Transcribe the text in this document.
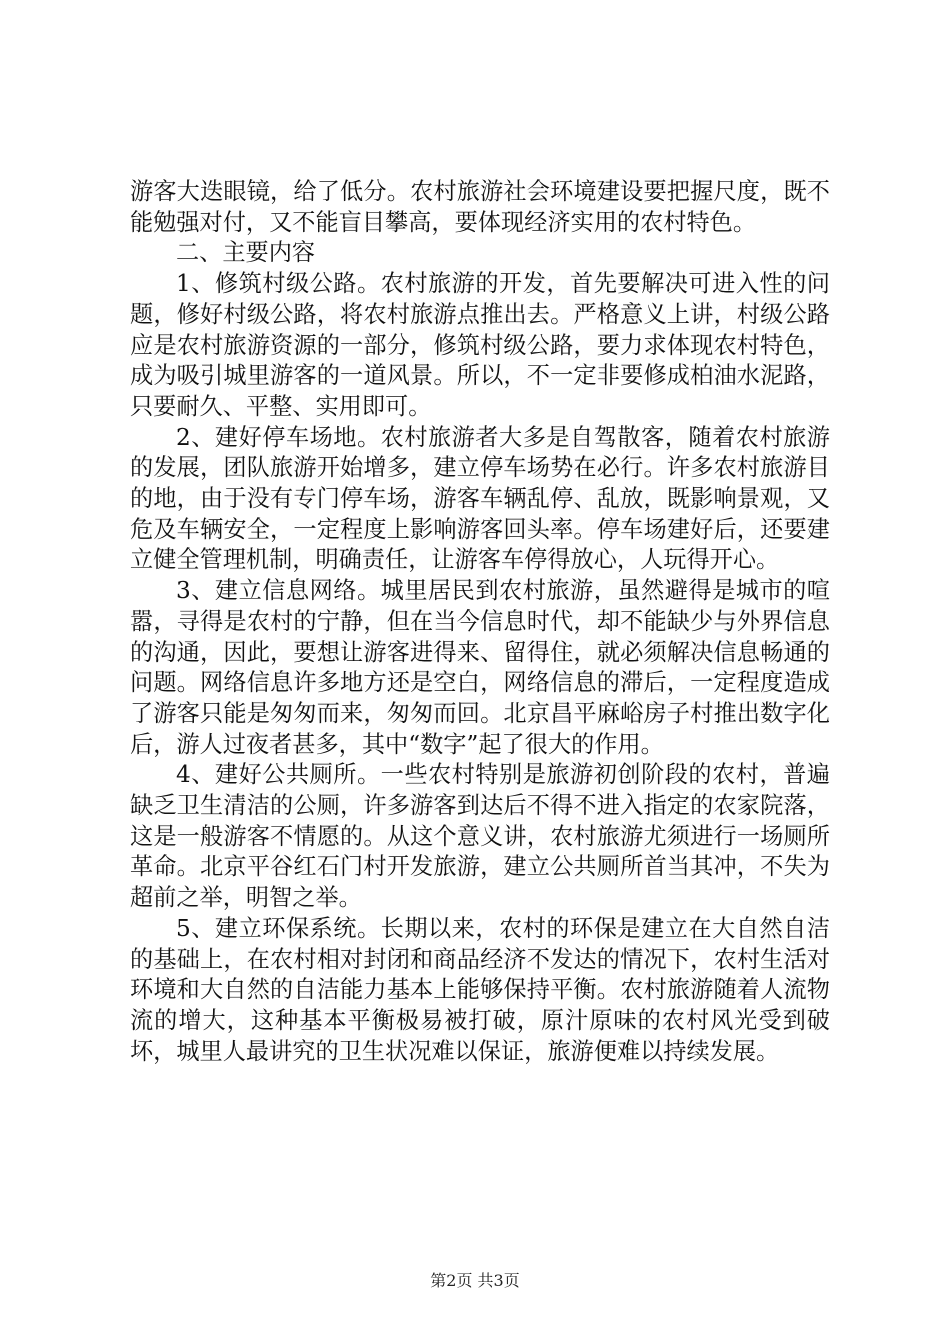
游客大迭眼镜，给了低分。农村旅游社会环境建设要把握尺度，既不能勉强对付，又不能盲目攀高，要体现经济实用的农村特色。

二、主要内容

1、修筑村级公路。农村旅游的开发，首先要解决可进入性的问题，修好村级公路，将农村旅游点推出去。严格意义上讲，村级公路应是农村旅游资源的一部分，修筑村级公路，要力求体现农村特色，成为吸引城里游客的一道风景。所以，不一定非要修成柏油水泥路，只要耐久、平整、实用即可。

2、建好停车场地。农村旅游者大多是自驾散客，随着农村旅游的发展，团队旅游开始增多，建立停车场势在必行。许多农村旅游目的地，由于没有专门停车场，游客车辆乱停、乱放，既影响景观，又危及车辆安全，一定程度上影响游客回头率。停车场建好后，还要建立健全管理机制，明确责任，让游客车停得放心，人玩得开心。

3、建立信息网络。城里居民到农村旅游，虽然避得是城市的喧嚣，寻得是农村的宁静，但在当今信息时代，却不能缺少与外界信息的沟通，因此，要想让游客进得来、留得住，就必须解决信息畅通的问题。网络信息许多地方还是空白，网络信息的滞后，一定程度造成了游客只能是匆匆而来，匆匆而回。北京昌平麻峪房子村推出数字化后，游人过夜者甚多，其中“数字”起了很大的作用。

4、建好公共厕所。一些农村特别是旅游初创阶段的农村，普遍缺乏卫生清洁的公厕，许多游客到达后不得不进入指定的农家院落，这是一般游客不情愿的。从这个意义讲，农村旅游尤须进行一场厕所革命。北京平谷红石门村开发旅游，建立公共厕所首当其冲，不失为超前之举，明智之举。

5、建立环保系统。长期以来，农村的环保是建立在大自然自洁的基础上，在农村相对封闭和商品经济不发达的情况下，农村生活对环境和大自然的自洁能力基本上能够保持平衡。农村旅游随着人流物流的增大，这种基本平衡极易被打破，原汁原味的农村风光受到破坏，城里人最讲究的卫生状况难以保证，旅游便难以持续发展。

第2页 共3页
